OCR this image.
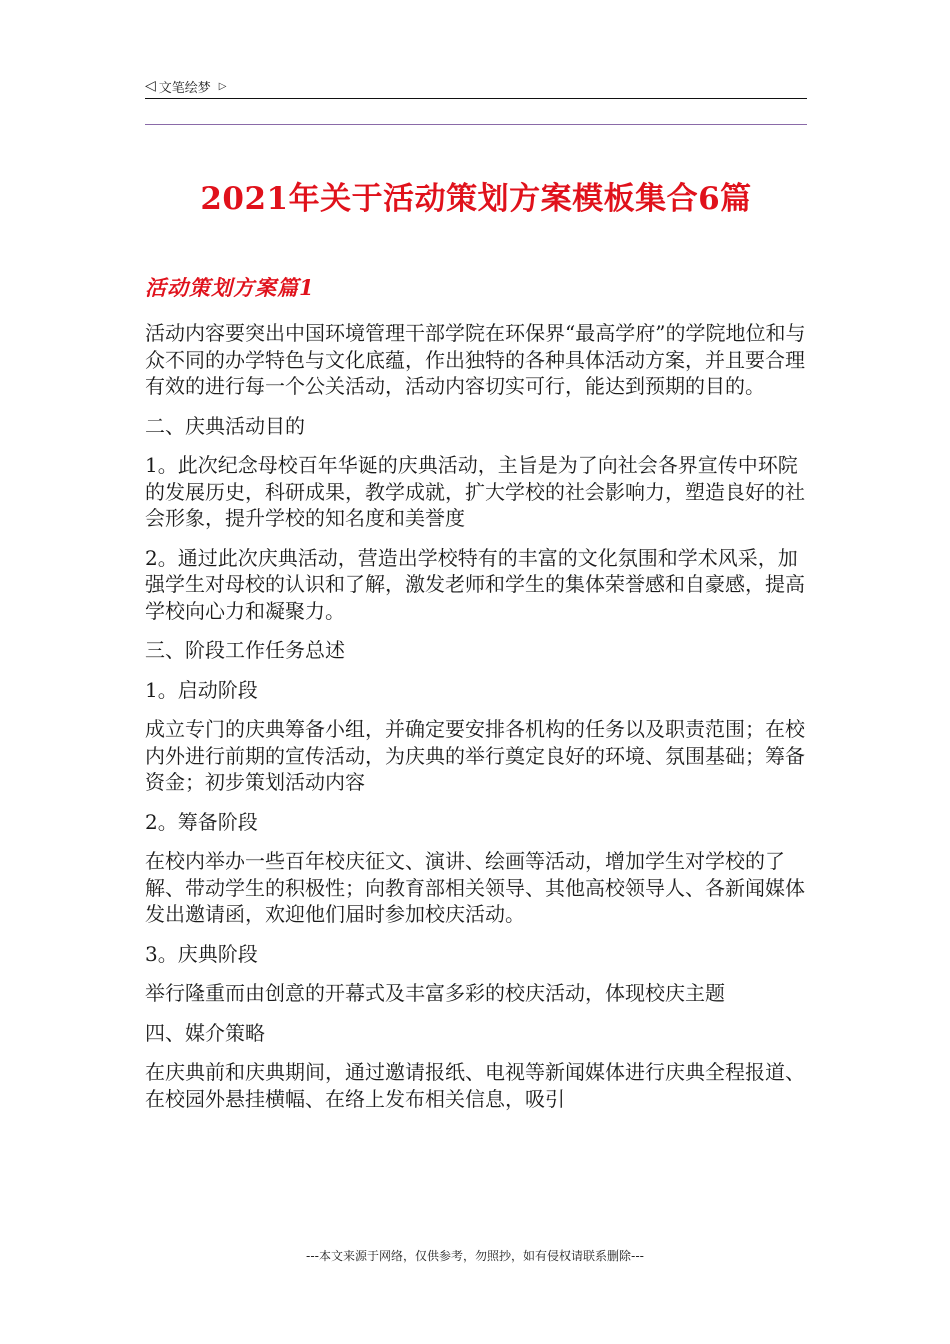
◁ 文笔绘梦 ▷
2021年关于活动策划方案模板集合6篇
活动策划方案篇1

活动内容要突出中国环境管理干部学院在环保界“最高学府”的学院地位和与众不同的办学特色与文化底蕴，作出独特的各种具体活动方案，并且要合理有效的进行每一个公关活动，活动内容切实可行，能达到预期的目的。

二、庆典活动目的

1。此次纪念母校百年华诞的庆典活动，主旨是为了向社会各界宣传中环院的发展历史，科研成果，教学成就，扩大学校的社会影响力，塑造良好的社会形象，提升学校的知名度和美誉度

2。通过此次庆典活动，营造出学校特有的丰富的文化氛围和学术风采，加强学生对母校的认识和了解，激发老师和学生的集体荣誉感和自豪感，提高学校向心力和凝聚力。

三、阶段工作任务总述

1。启动阶段

成立专门的庆典筹备小组，并确定要安排各机构的任务以及职责范围；在校内外进行前期的宣传活动，为庆典的举行奠定良好的环境、氛围基础；筹备资金；初步策划活动内容

2。筹备阶段

在校内举办一些百年校庆征文、演讲、绘画等活动，增加学生对学校的了解、带动学生的积极性；向教育部相关领导、其他高校领导人、各新闻媒体发出邀请函，欢迎他们届时参加校庆活动。

3。庆典阶段

举行隆重而由创意的开幕式及丰富多彩的校庆活动，体现校庆主题

四、媒介策略

在庆典前和庆典期间，通过邀请报纸、电视等新闻媒体进行庆典全程报道、在校园外悬挂横幅、在络上发布相关信息，吸引

---本文来源于网络，仅供参考，勿照抄，如有侵权请联系删除---
